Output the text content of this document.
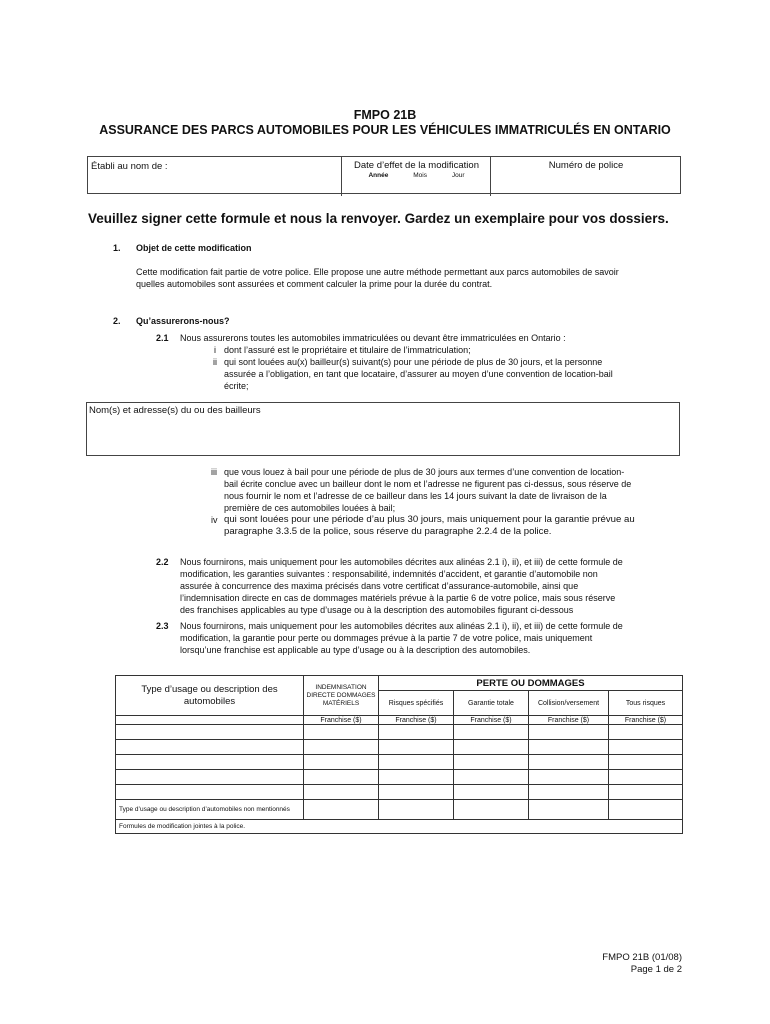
FMPO 21B
ASSURANCE DES PARCS AUTOMOBILES POUR LES VÉHICULES IMMATRICULÉS EN ONTARIO
Établi au nom de :	Date d’effet de la modification
Année	Mois	Jour
Numéro de police
Veuillez signer cette formule et nous la renvoyer. Gardez un exemplaire pour vos dossiers.
1. Objet de cette modification
Cette modification fait partie de votre police. Elle propose une autre méthode permettant aux parcs automobiles de savoir
quelles automobiles sont assurées et comment calculer la prime pour la durée du contrat.
2. Qu’assurerons-nous?
2.1 Nous assurerons toutes les automobiles immatriculées ou devant être immatriculées en Ontario :
i dont l’assuré est le propriétaire et titulaire de l’immatriculation;
ii qui sont louées au(x) bailleur(s) suivant(s) pour une période de plus de 30 jours, et la personne
assurée a l’obligation, en tant que locataire, d’assurer au moyen d’une convention de location-bail
écrite;
Nom(s) et adresse(s) du ou des bailleurs
iii que vous louez à bail pour une période de plus de 30 jours aux termes d’une convention de location-
bail écrite conclue avec un bailleur dont le nom et l’adresse ne figurent pas ci-dessus, sous réserve de
nous fournir le nom et l’adresse de ce bailleur dans les 14 jours suivant la date de livraison de la
première de ces automobiles louées à bail;
iv qui sont louées pour une période d’au plus 30 jours, mais uniquement pour la garantie prévue au
paragraphe 3.3.5 de la police, sous réserve du paragraphe 2.2.4 de la police.
2.2 Nous fournirons, mais uniquement pour les automobiles décrites aux alinéas 2.1 i), ii), et iii) de cette formule de
modification, les garanties suivantes : responsabilité, indemnités d’accident, et garantie d’automobile non
assurée à concurrence des maxima précisés dans votre certificat d’assurance-automobile, ainsi que
l’indemnisation directe en cas de dommages matériels prévue à la partie 6 de votre police, mais sous réserve
des franchises applicables au type d’usage ou à la description des automobiles figurant ci-dessous
2.3 Nous fournirons, mais uniquement pour les automobiles décrites aux alinéas 2.1 i), ii), et iii) de cette formule de
modification, la garantie pour perte ou dommages prévue à la partie 7 de votre police, mais uniquement
lorsqu’une franchise est applicable au type d’usage ou à la description des automobiles.
Type d’usage ou description des automobiles	INDEMNISATION DIRECTE DOMMAGES MATÉRIELS	PERTE OU DOMMAGES			
		Risques spécifiés	Garantie totale	Collision/versement	Tous risques
	Franchise ($)	Franchise ($)	Franchise ($)	Franchise ($)	Franchise ($)

Type d’usage ou description d’automobiles non mentionnés					
Formules de modification jointes à la police.					
FMPO 21B (01/08)
Page 1 de 2
